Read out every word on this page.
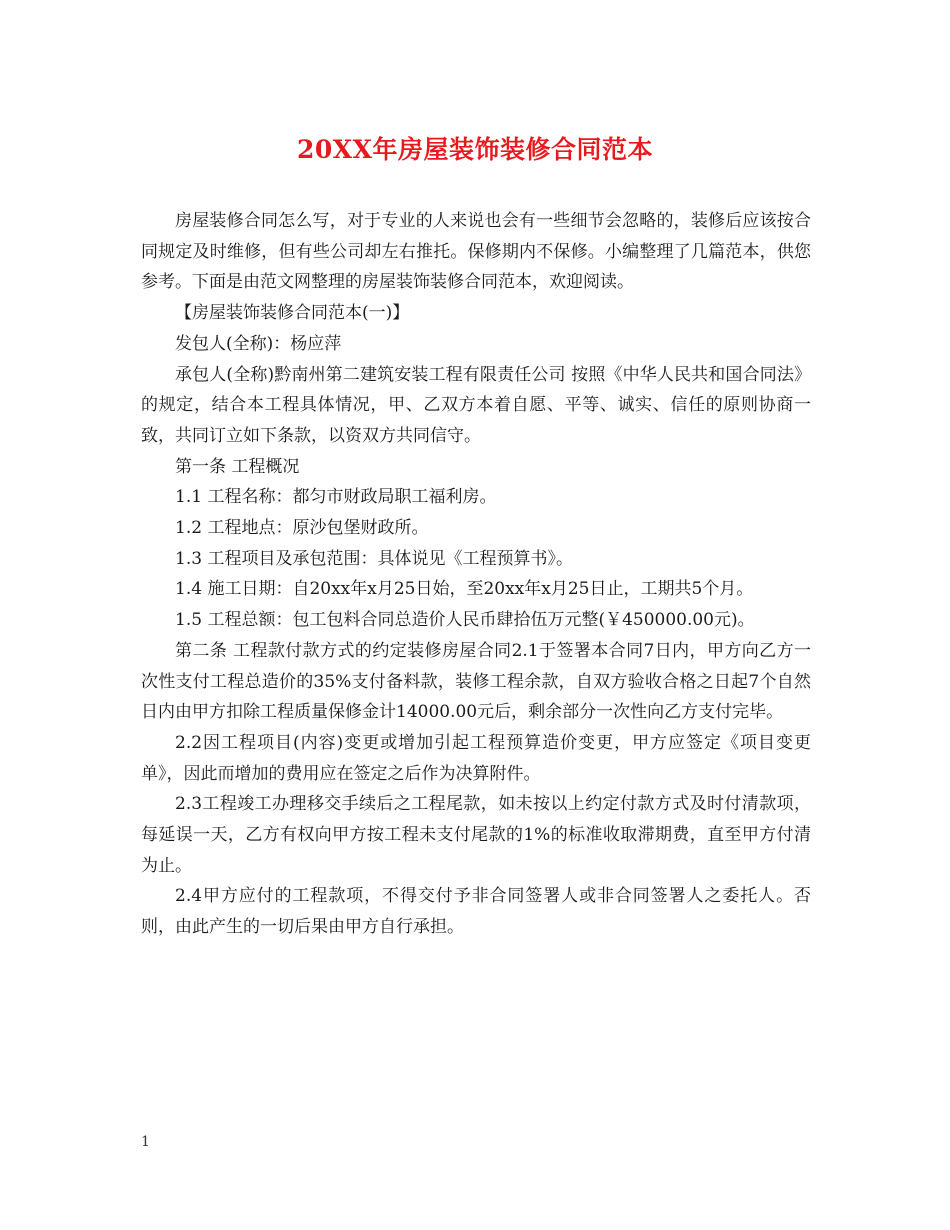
20XX年房屋装饰装修合同范本

房屋装修合同怎么写，对于专业的人来说也会有一些细节会忽略的，装修后应该按合同规定及时维修，但有些公司却左右推托。保修期内不保修。小编整理了几篇范本，供您参考。下面是由范文网整理的房屋装饰装修合同范本，欢迎阅读。

【房屋装饰装修合同范本(一)】

发包人(全称)：杨应萍

承包人(全称)黔南州第二建筑安装工程有限责任公司 按照《中华人民共和国合同法》的规定，结合本工程具体情况，甲、乙双方本着自愿、平等、诚实、信任的原则协商一致，共同订立如下条款，以资双方共同信守。

第一条 工程概况

1.1 工程名称：都匀市财政局职工福利房。

1.2 工程地点：原沙包堡财政所。

1.3 工程项目及承包范围：具体说见《工程预算书》。

1.4 施工日期：自20xx年x月25日始，至20xx年x月25日止，工期共5个月。

1.5 工程总额：包工包料合同总造价人民币肆拾伍万元整(￥450000.00元)。

第二条 工程款付款方式的约定装修房屋合同2.1于签署本合同7日内，甲方向乙方一次性支付工程总造价的35%支付备料款，装修工程余款，自双方验收合格之日起7个自然日内由甲方扣除工程质量保修金计14000.00元后，剩余部分一次性向乙方支付完毕。

2.2因工程项目(内容)变更或增加引起工程预算造价变更，甲方应签定《项目变更单》，因此而增加的费用应在签定之后作为决算附件。

2.3工程竣工办理移交手续后之工程尾款，如未按以上约定付款方式及时付清款项，每延误一天，乙方有权向甲方按工程未支付尾款的1%的标准收取滞期费，直至甲方付清为止。

2.4甲方应付的工程款项，不得交付予非合同签署人或非合同签署人之委托人。否则，由此产生的一切后果由甲方自行承担。

1
